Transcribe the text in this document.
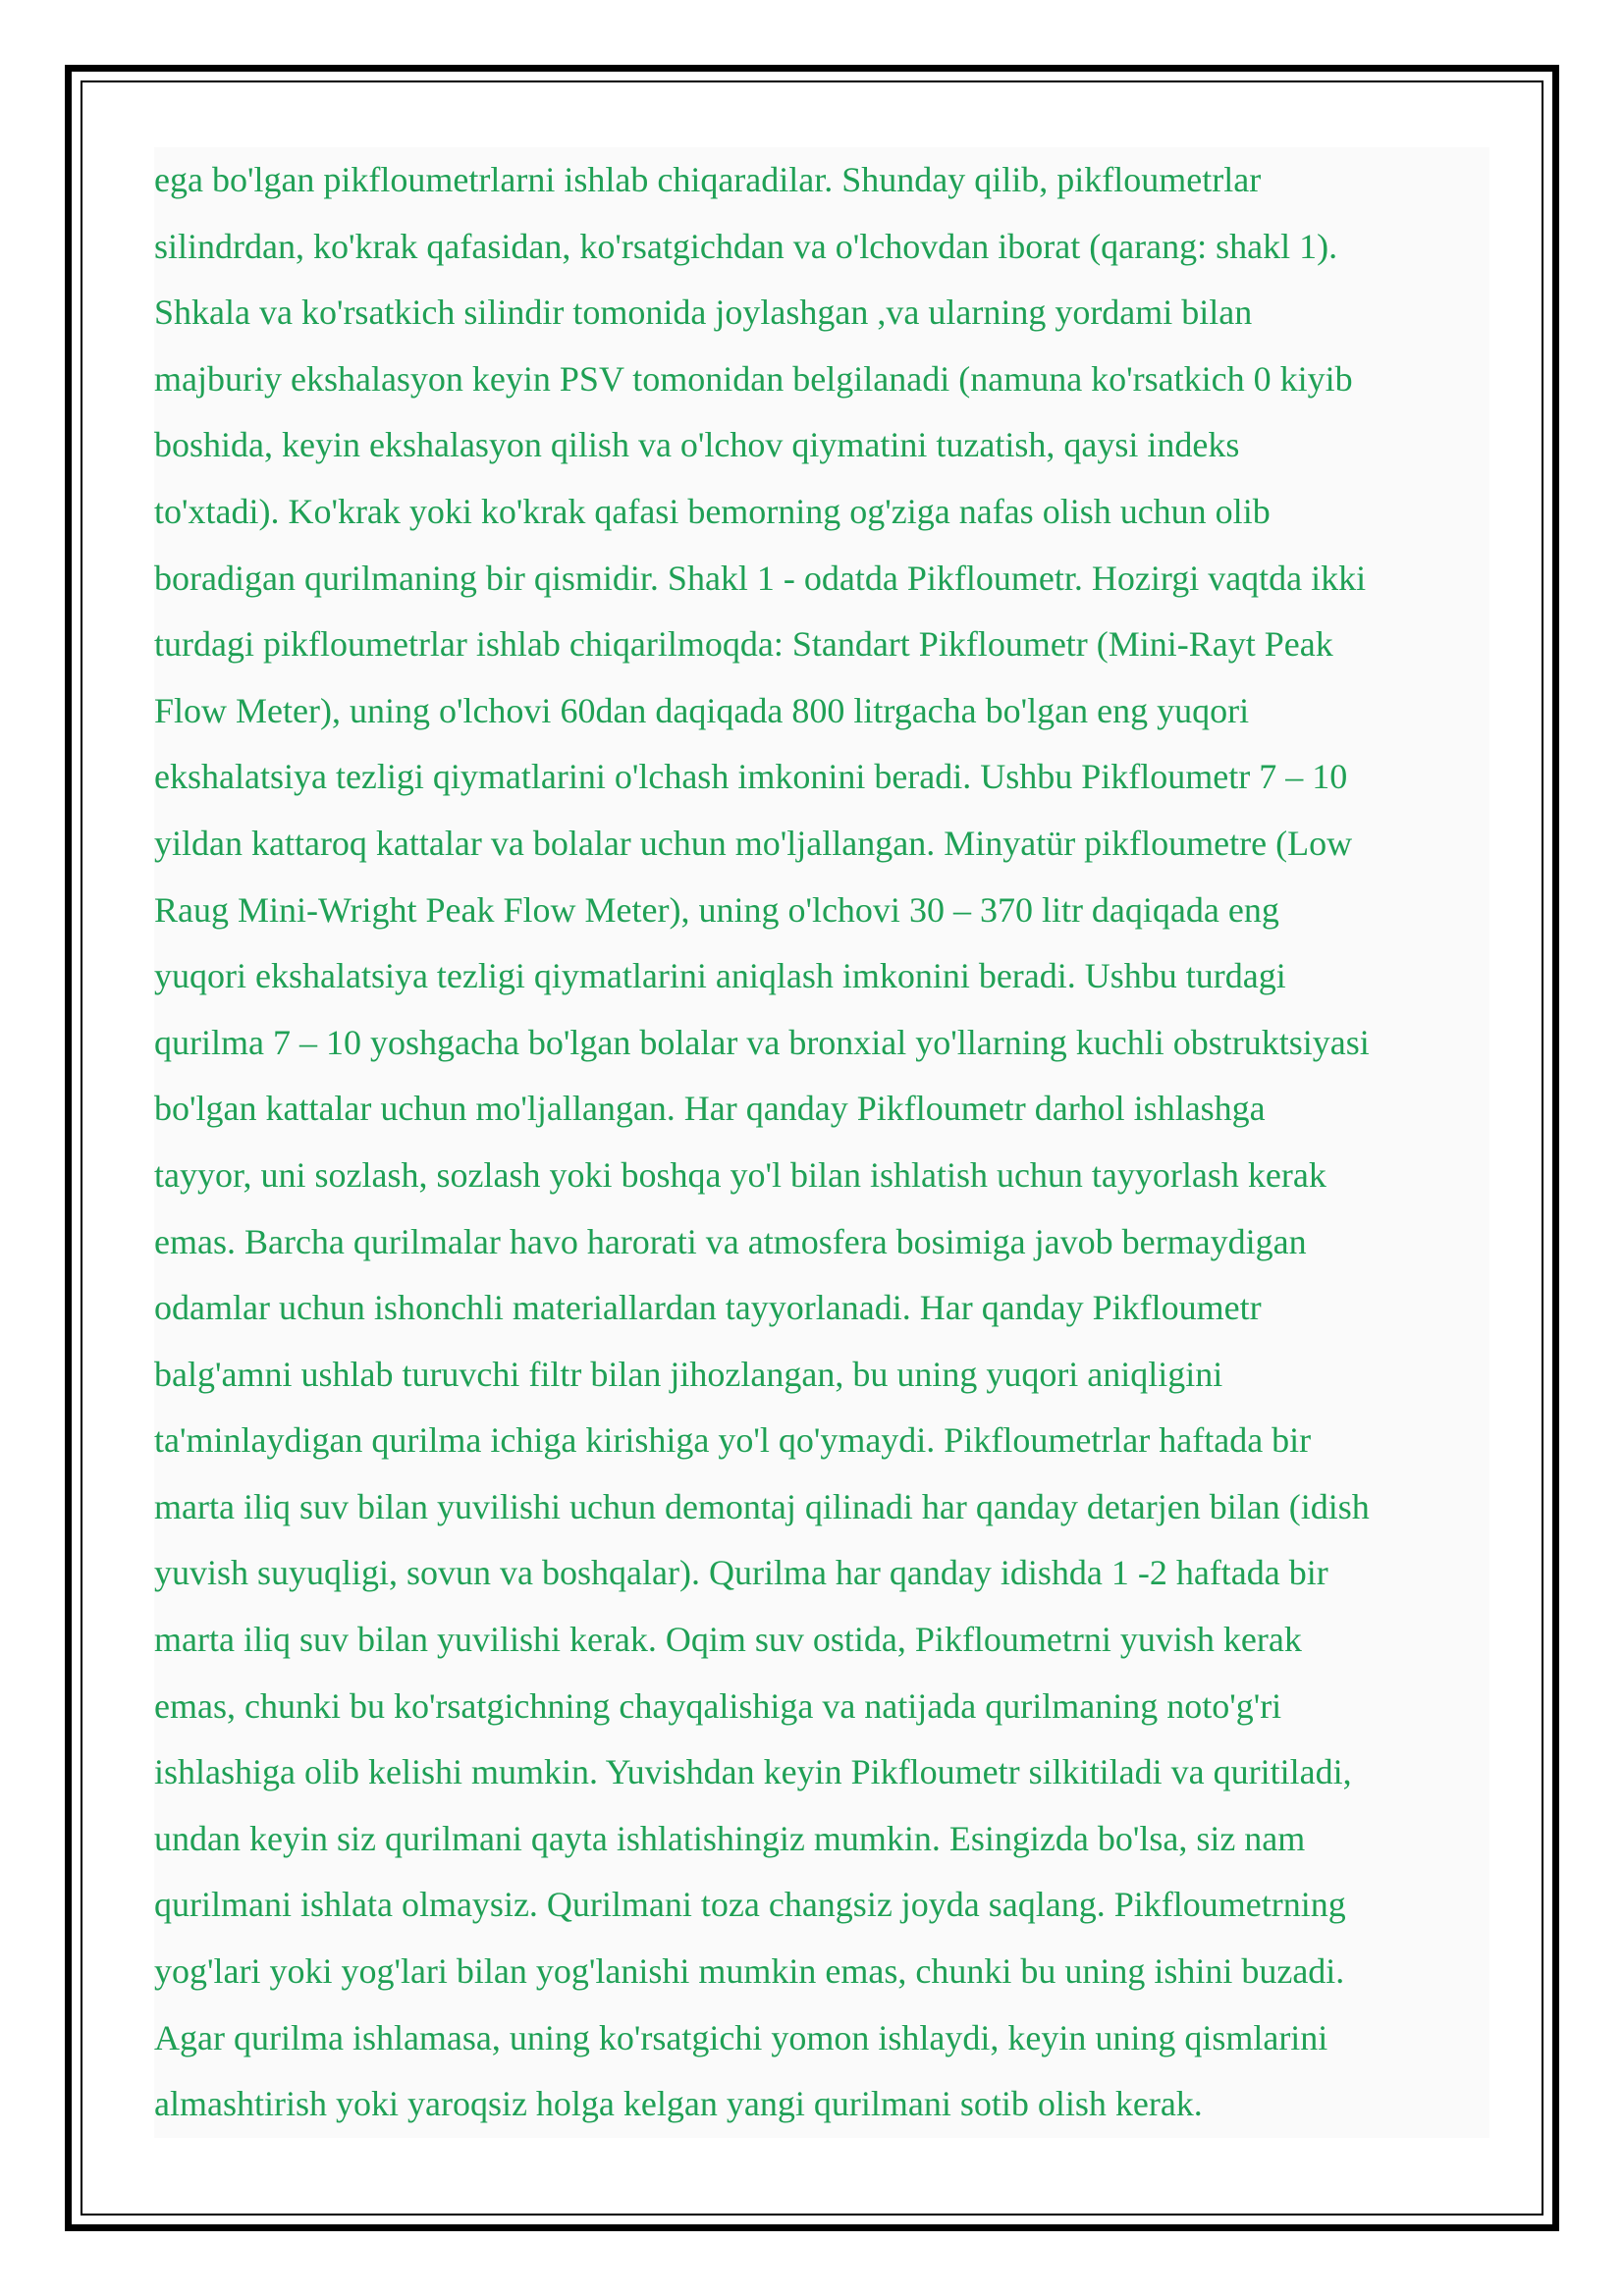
ega bo'lgan pikfloumetrlarni ishlab chiqaradilar. Shunday qilib, pikfloumetrlar
silindrdan, ko'krak qafasidan, ko'rsatgichdan va o'lchovdan iborat (qarang: shakl 1).
Shkala va ko'rsatkich silindir tomonida joylashgan ,va ularning yordami bilan
majburiy ekshalasyon keyin PSV tomonidan belgilanadi (namuna ko'rsatkich 0 kiyib
boshida, keyin ekshalasyon qilish va o'lchov qiymatini tuzatish, qaysi indeks
to'xtadi). Ko'krak yoki ko'krak qafasi bemorning og'ziga nafas olish uchun olib
boradigan qurilmaning bir qismidir. Shakl 1 - odatda Pikfloumetr. Hozirgi vaqtda ikki
turdagi pikfloumetrlar ishlab chiqarilmoqda: Standart Pikfloumetr (Mini-Rayt Peak
Flow Meter), uning o'lchovi 60dan daqiqada 800 litrgacha bo'lgan eng yuqori
ekshalatsiya tezligi qiymatlarini o'lchash imkonini beradi. Ushbu Pikfloumetr 7 – 10
yildan kattaroq kattalar va bolalar uchun mo'ljallangan. Minyatür pikfloumetre (Low
Raug Mini-Wright Peak Flow Meter), uning o'lchovi 30 – 370 litr daqiqada eng
yuqori ekshalatsiya tezligi qiymatlarini aniqlash imkonini beradi. Ushbu turdagi
qurilma 7 – 10 yoshgacha bo'lgan bolalar va bronxial yo'llarning kuchli obstruktsiyasi
bo'lgan kattalar uchun mo'ljallangan. Har qanday Pikfloumetr darhol ishlashga
tayyor, uni sozlash, sozlash yoki boshqa yo'l bilan ishlatish uchun tayyorlash kerak
emas. Barcha qurilmalar havo harorati va atmosfera bosimiga javob bermaydigan
odamlar uchun ishonchli materiallardan tayyorlanadi. Har qanday Pikfloumetr
balg'amni ushlab turuvchi filtr bilan jihozlangan, bu uning yuqori aniqligini
ta'minlaydigan qurilma ichiga kirishiga yo'l qo'ymaydi. Pikfloumetrlar haftada bir
marta iliq suv bilan yuvilishi uchun demontaj qilinadi har qanday detarjen bilan (idish
yuvish suyuqligi, sovun va boshqalar). Qurilma har qanday idishda 1 -2 haftada bir
marta iliq suv bilan yuvilishi kerak. Oqim suv ostida, Pikfloumetrni yuvish kerak
emas, chunki bu ko'rsatgichning chayqalishiga va natijada qurilmaning noto'g'ri
ishlashiga olib kelishi mumkin. Yuvishdan keyin Pikfloumetr silkitiladi va quritiladi,
undan keyin siz qurilmani qayta ishlatishingiz mumkin. Esingizda bo'lsa, siz nam
qurilmani ishlata olmaysiz. Qurilmani toza changsiz joyda saqlang. Pikfloumetrning
yog'lari yoki yog'lari bilan yog'lanishi mumkin emas, chunki bu uning ishini buzadi.
Agar qurilma ishlamasa, uning ko'rsatgichi yomon ishlaydi, keyin uning qismlarini
almashtirish yoki yaroqsiz holga kelgan yangi qurilmani sotib olish kerak.
